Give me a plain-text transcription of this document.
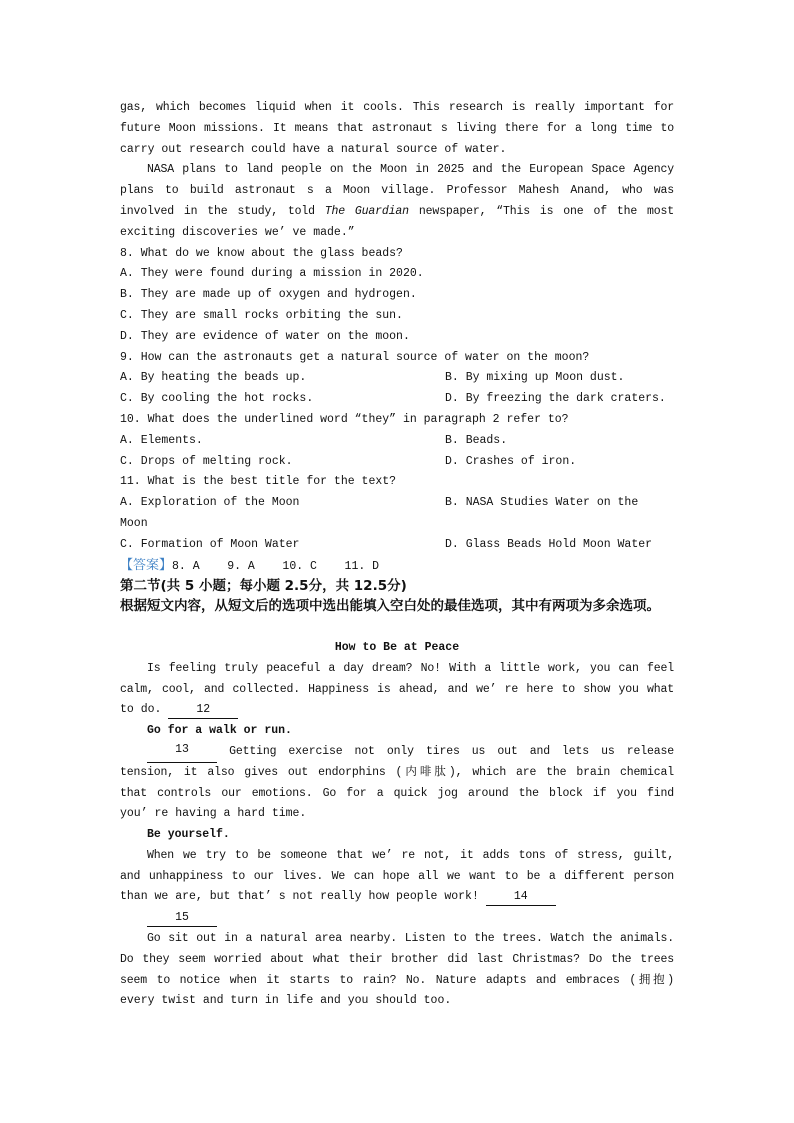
gas, which becomes liquid when it cools. This research is really important for
future Moon missions. It means that astronaut s living there for a long time to
carry out research could have a natural source of water.
NASA plans to land people on the Moon in 2025 and the European Space Agency
plans to build astronaut s a Moon village. Professor Mahesh Anand, who was
involved in the study, told The Guardian newspaper, “This is one of the most
exciting discoveries we’ ve made.”
8. What do we know about the glass beads?
A. They were found during a mission in 2020.
B. They are made up of oxygen and hydrogen.
C. They are small rocks orbiting the sun.
D. They are evidence of water on the moon.
9. How can the astronauts get a natural source of water on the moon?
A. By heating the beads up.	B. By mixing up Moon dust.
C. By cooling the hot rocks.	D. By freezing the dark craters.
10. What does the underlined word “they” in paragraph 2 refer to?
A. Elements.	B. Beads.
C. Drops of melting rock.	D. Crashes of iron.
11. What is the best title for the text?
A. Exploration of the Moon	B. NASA Studies Water on the
Moon
C. Formation of Moon Water	D. Glass Beads Hold Moon Water
【答案】8. A    9. A    10. C    11. D
第二节(共 5 小题；每小题 2.5分，共 12.5分)
根据短文内容，从短文后的选项中选出能填入空白处的最佳选项，其中有两项为多余选项。
How to Be at Peace
Is feeling truly peaceful a day dream? No! With a little work, you can feel
calm, cool, and collected. Happiness is ahead, and we’ re here to show you what
to do. 12
Go for a walk or run.
13	Getting exercise not only tires us out and lets us release
tension, it also gives out endorphins (内啡肽), which are the brain chemical
that controls our emotions. Go for a quick jog around the block if you find
you’ re having a hard time.
Be yourself.
When we try to be someone that we’ re not, it adds tons of stress, guilt,
and unhappiness to our lives. We can hope all we want to be a different person
than we are, but that’ s not really how people work! 14
15
Go sit out in a natural area nearby. Listen to the trees. Watch the animals.
Do they seem worried about what their brother did last Christmas? Do the trees
seem to notice when it starts to rain? No. Nature adapts and embraces (拥抱)
every twist and turn in life and you should too.
